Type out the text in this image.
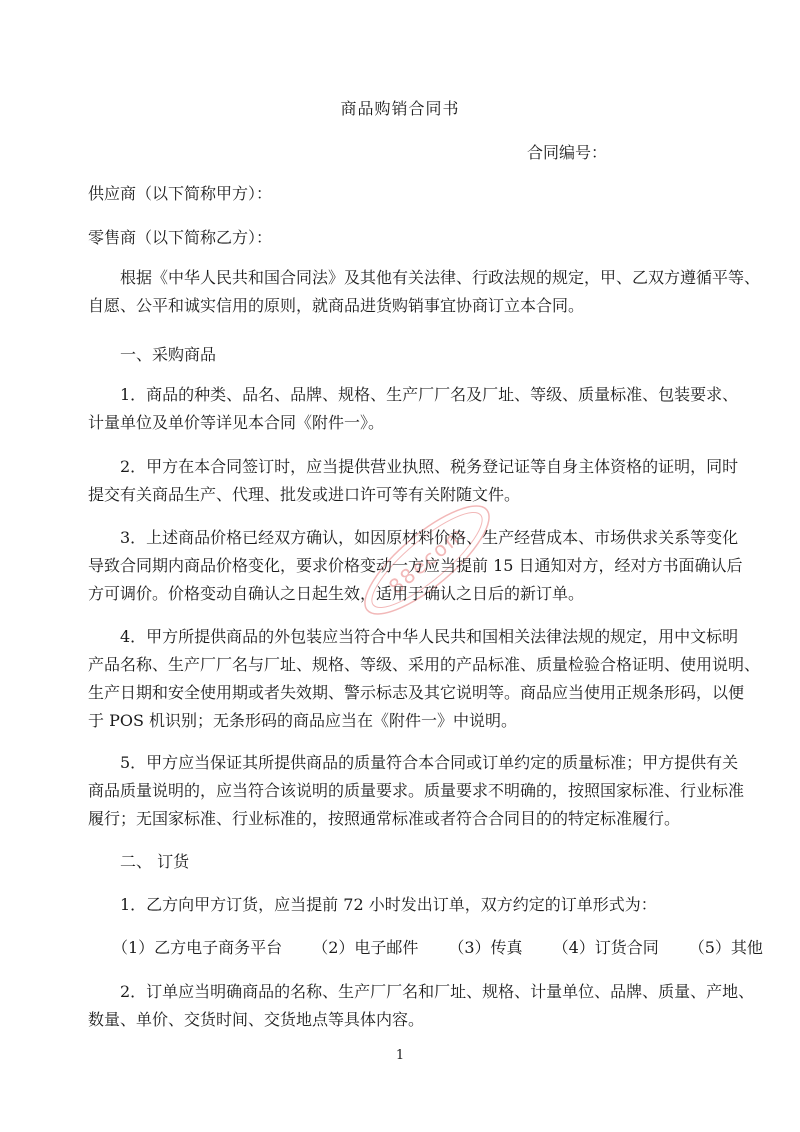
88ecom
商品购销合同书
合同编号：
供应商（以下简称甲方）：
零售商（以下简称乙方）：
根据《中华人民共和国合同法》及其他有关法律、行政法规的规定，甲、乙双方遵循平等、
自愿、公平和诚实信用的原则，就商品进货购销事宜协商订立本合同。
一、采购商品
1．商品的种类、品名、品牌、规格、生产厂厂名及厂址、等级、质量标准、包装要求、
计量单位及单价等详见本合同《附件一》。
2．甲方在本合同签订时，应当提供营业执照、税务登记证等自身主体资格的证明，同时
提交有关商品生产、代理、批发或进口许可等有关附随文件。
3．上述商品价格已经双方确认，如因原材料价格、生产经营成本、市场供求关系等变化
导致合同期内商品价格变化，要求价格变动一方应当提前 15 日通知对方，经对方书面确认后
方可调价。价格变动自确认之日起生效，适用于确认之日后的新订单。
4．甲方所提供商品的外包装应当符合中华人民共和国相关法律法规的规定，用中文标明
产品名称、生产厂厂名与厂址、规格、等级、采用的产品标准、质量检验合格证明、使用说明、
生产日期和安全使用期或者失效期、警示标志及其它说明等。商品应当使用正规条形码，以便
于 POS 机识别；无条形码的商品应当在《附件一》中说明。
5．甲方应当保证其所提供商品的质量符合本合同或订单约定的质量标准；甲方提供有关
商品质量说明的，应当符合该说明的质量要求。质量要求不明确的，按照国家标准、行业标准
履行；无国家标准、行业标准的，按照通常标准或者符合合同目的的特定标准履行。
二、 订货
1．乙方向甲方订货，应当提前 72 小时发出订单，双方约定的订单形式为：
（1）乙方电子商务平台 （2）电子邮件 （3）传真 （4）订货合同 （5）其他
2．订单应当明确商品的名称、生产厂厂名和厂址、规格、计量单位、品牌、质量、产地、
数量、单价、交货时间、交货地点等具体内容。
1
